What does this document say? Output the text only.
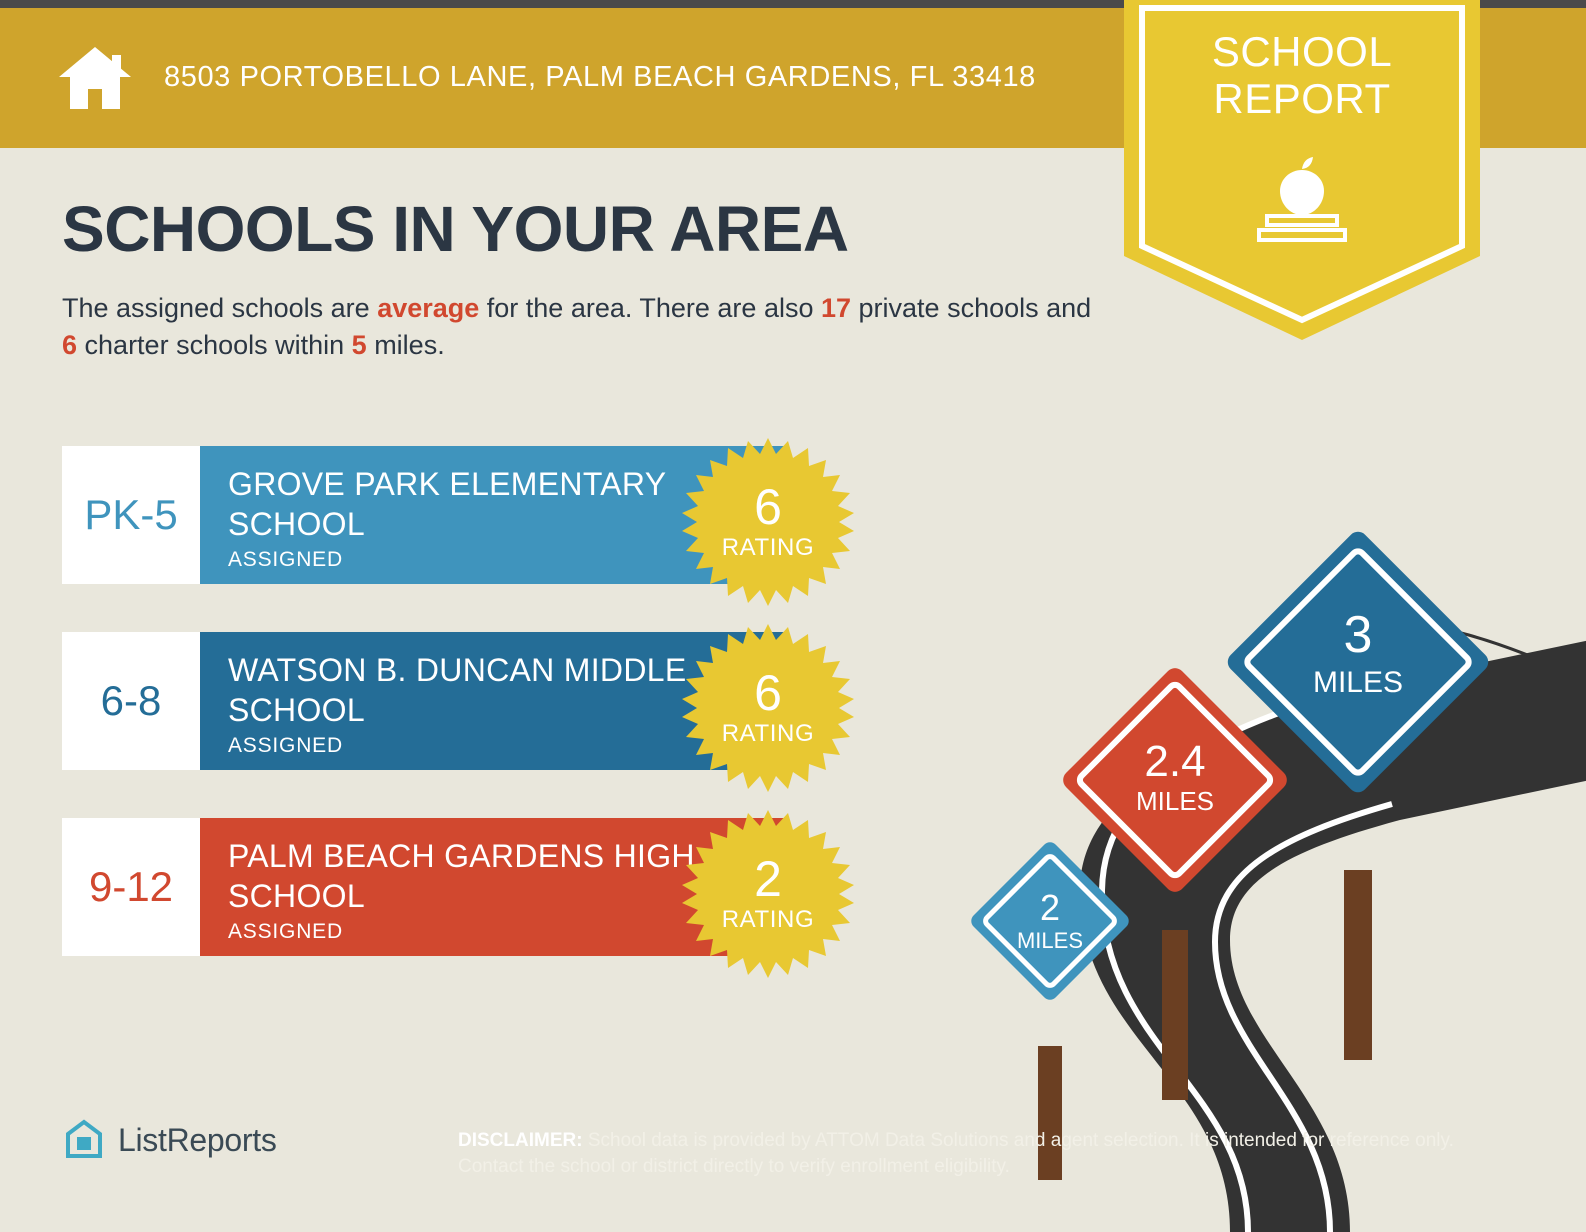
8503 PORTOBELLO LANE, PALM BEACH GARDENS, FL 33418
SCHOOL
REPORT
SCHOOLS IN YOUR AREA
The assigned schools are average for the area. There are also 17 private schools and 6 charter schools within 5 miles.
PK-5
GROVE PARK ELEMENTARY SCHOOL
ASSIGNED
6
RATING
6-8
WATSON B. DUNCAN MIDDLE SCHOOL
ASSIGNED
6
RATING
9-12
PALM BEACH GARDENS HIGH SCHOOL
ASSIGNED
2
RATING
3
MILES
2.4
MILES
2
MILES
ListReports	DISCLAIMER: School data is provided by ATTOM Data Solutions and agent selection. It is intended for reference only. Contact the school or district directly to verify enrollment eligibility.
